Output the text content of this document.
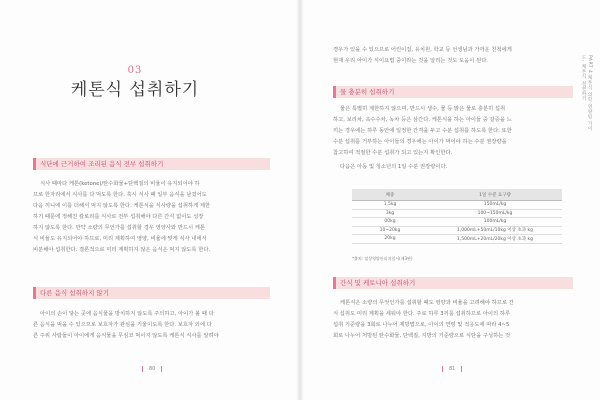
03
케톤식 섭취하기
식단에 근거하여 조리된 음식 전부 섭취하기
식사 때마다 케톤(ketone)/탄수화물+단백질의 비율이 유지되어야 하
므로 한자리에서 식사를 다 먹도록 한다. 혹시 식사 때 일부 음식을 남겼어도
다음 끼니에 이를 더해서 먹지 않도록 한다. 케톤식을 식사량을 섭취하게 제한
하기 때문에 정해진 칼로리를 식사로 전부 섭취해야 다른 간식 없이도 성장
하지 않도록 한다. 만약 소량의 무언가를 섭취할 경우 영양사와 반드시 케톤
식 비율도 유지되어야 하므로, 미리 계획하여 영양, 비율에 맞게 식사 내에서
비분해야 섭취한다. 결론적으로 미리 계획하지 않은 음식은 먹지 않도록 한다.
다른 음식 섭취하지 않기
아이의 손이 닿는 곳에 음식물을 방치하지 않도록 주의하고, 아이가 볼 때 다
른 음식을 먹을 수 있으므로 보호자가 관심을 기울이도록 한다. 보호자 외에 다
른 주위 사람들이 아이에게 음식물을 무심코 먹이지 않도록 케톤식 식사를 알려야
80
경우가 있을 수 있으므로 어린이집, 유치원, 학교 등 선생님과 가까운 친척에게
현재 우리 아이가 식이요법 중이라는 것을 알리는 것도 도움이 된다.
물 충분히 섭취하기
물은 특별히 제한하지 않으며, 반드시 생수, 물 등 맑은 물로 충분히 섭취
하고, 보리차, 옥수수차, 녹차 등은 삼간다. 케톤식을 하는 아이들 중 갈증을 느
끼는 경우에는 하루 동안에 일정한 간격을 두고 수분 섭취를 하도록 한다. 또한
수분 섭취를 거부하는 아이들의 경우에는 아이가 먹어야 하는 수분 권장량을
참고하여 적절한 수분 섭취가 되고 있는지 확인한다.
다음은 아동 및 청소년의 1일 수분 권장량이다.
체중	1일 수분 요구량
1.5kg	150mL/kg
3kg	100~150mL/kg
00kg	100mL/kg
10~20kg	1,000mL+50mL/10kg 이상 초과 kg
20kg	1,500mL+20mL/20kg 이상 초과 kg
*출처: 임상영양관리지침서(제3판)
간식 및 케토니아 섭취하기
케톤식은 소량의 무엇인가를 섭취할 때도 영양과 비율을 고려해야 하므로 간
식 섭취도 미리 계획을 세워야 한다. 주로 하루 3끼를 섭취하므로 아이의 하루
섭취 기준량을 3회로 나누어 제방법으로, 아이의 연령 및 적응도에 따라 4~5
회로 나누어 처방된 탄수화물, 단백질, 지방의 기준량으로 식단을 구성하는 것
PART 4 케톤식 의학·영양팀 가이드, 케톤식 실천하기
81
